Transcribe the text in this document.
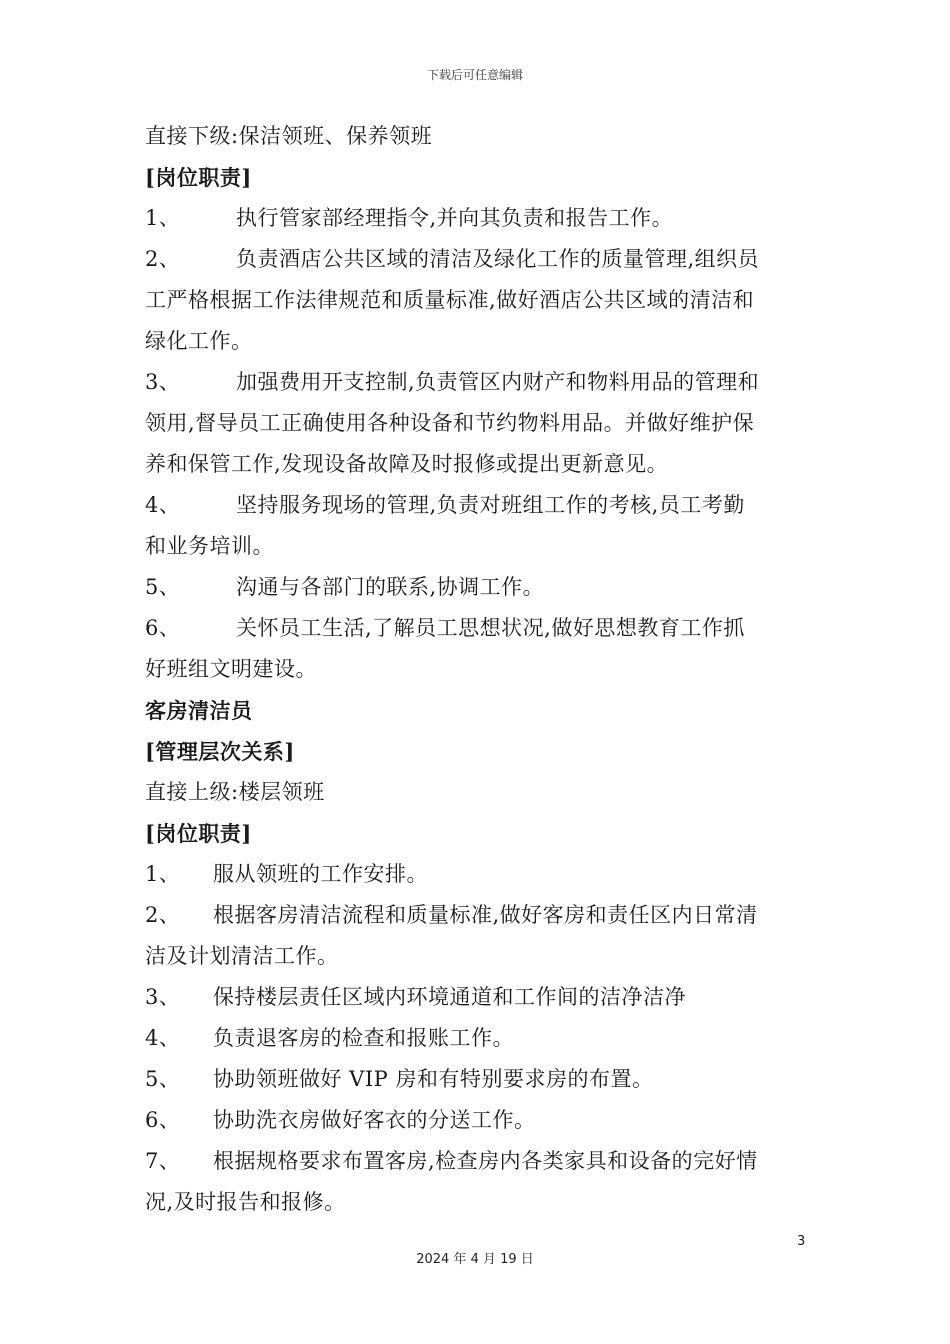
下载后可任意编辑
直接下级:保洁领班、保养领班
[岗位职责]
1、	执行管家部经理指令,并向其负责和报告工作。
2、	负责酒店公共区域的清洁及绿化工作的质量管理,组织员
工严格根据工作法律规范和质量标准,做好酒店公共区域的清洁和
绿化工作。
3、	加强费用开支控制,负责管区内财产和物料用品的管理和
领用,督导员工正确使用各种设备和节约物料用品。并做好维护保
养和保管工作,发现设备故障及时报修或提出更新意见。
4、	坚持服务现场的管理,负责对班组工作的考核,员工考勤
和业务培训。
5、	沟通与各部门的联系,协调工作。
6、	关怀员工生活,了解员工思想状况,做好思想教育工作抓
好班组文明建设。
客房清洁员
[管理层次关系]
直接上级:楼层领班
[岗位职责]
1、 服从领班的工作安排。
2、 根据客房清洁流程和质量标准,做好客房和责任区内日常清
洁及计划清洁工作。
3、 保持楼层责任区域内环境通道和工作间的洁净洁净
4、 负责退客房的检查和报账工作。
5、 协助领班做好 VIP 房和有特别要求房的布置。
6、 协助洗衣房做好客衣的分送工作。
7、 根据规格要求布置客房,检查房内各类家具和设备的完好情
况,及时报告和报修。
3
2024 年 4 月 19 日
